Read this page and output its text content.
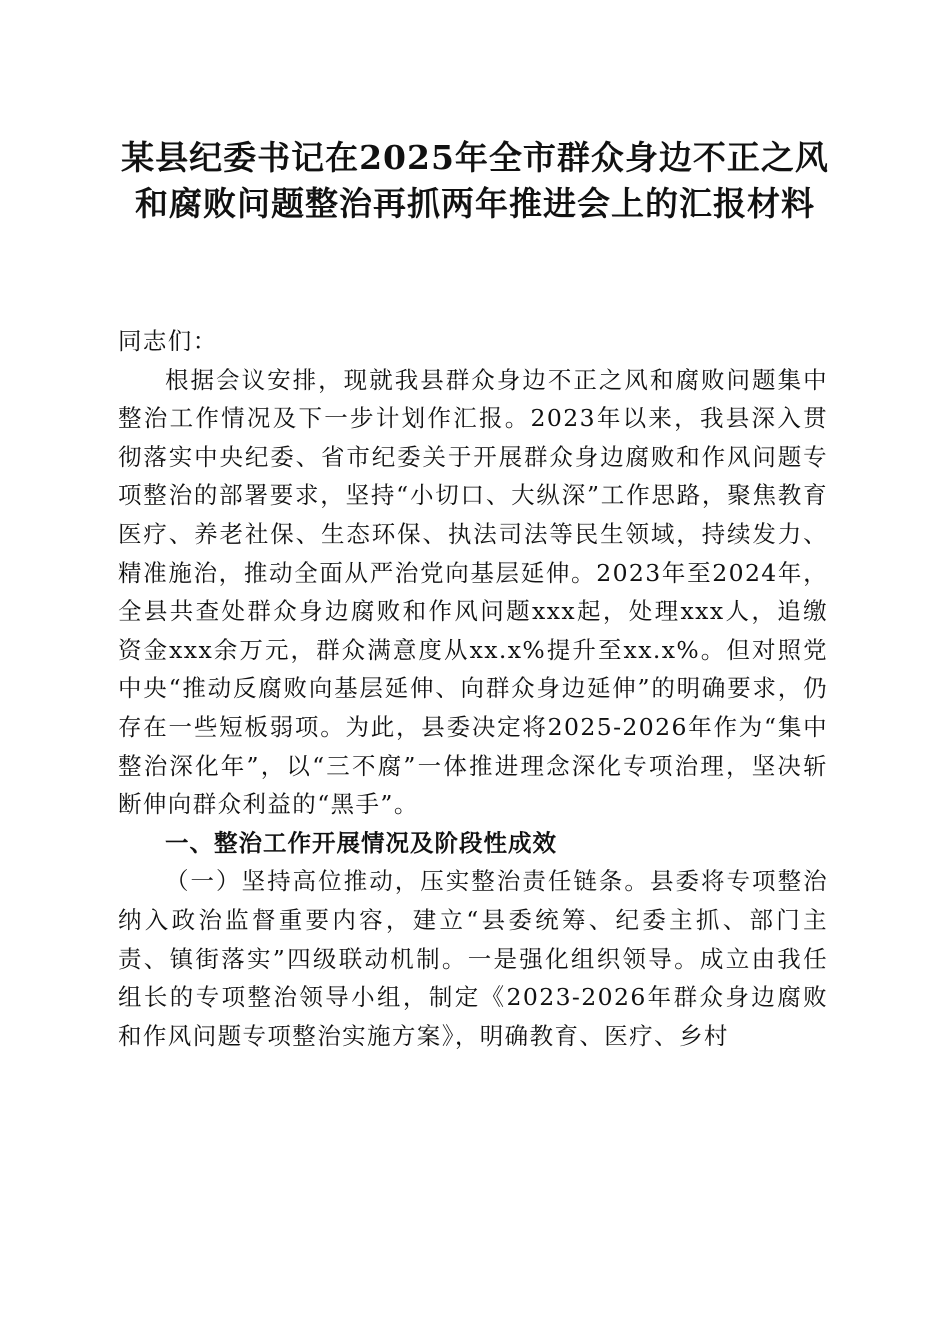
某县纪委书记在2025年全市群众身边不正之风和腐败问题整治再抓两年推进会上的汇报材料

同志们：

根据会议安排，现就我县群众身边不正之风和腐败问题集中整治工作情况及下一步计划作汇报。2023年以来，我县深入贯彻落实中央纪委、省市纪委关于开展群众身边腐败和作风问题专项整治的部署要求，坚持“小切口、大纵深”工作思路，聚焦教育医疗、养老社保、生态环保、执法司法等民生领域，持续发力、精准施治，推动全面从严治党向基层延伸。2023年至2024年，全县共查处群众身边腐败和作风问题xxx起，处理xxx人，追缴资金xxx余万元，群众满意度从xx.x%提升至xx.x%。但对照党中央“推动反腐败向基层延伸、向群众身边延伸”的明确要求，仍存在一些短板弱项。为此，县委决定将2025-2026年作为“集中整治深化年”，以“三不腐”一体推进理念深化专项治理，坚决斩断伸向群众利益的“黑手”。

一、整治工作开展情况及阶段性成效

（一）坚持高位推动，压实整治责任链条。县委将专项整治纳入政治监督重要内容，建立“县委统筹、纪委主抓、部门主责、镇街落实”四级联动机制。一是强化组织领导。成立由我任组长的专项整治领导小组，制定《2023-2026年群众身边腐败和作风问题专项整治实施方案》，明确教育、医疗、乡村
